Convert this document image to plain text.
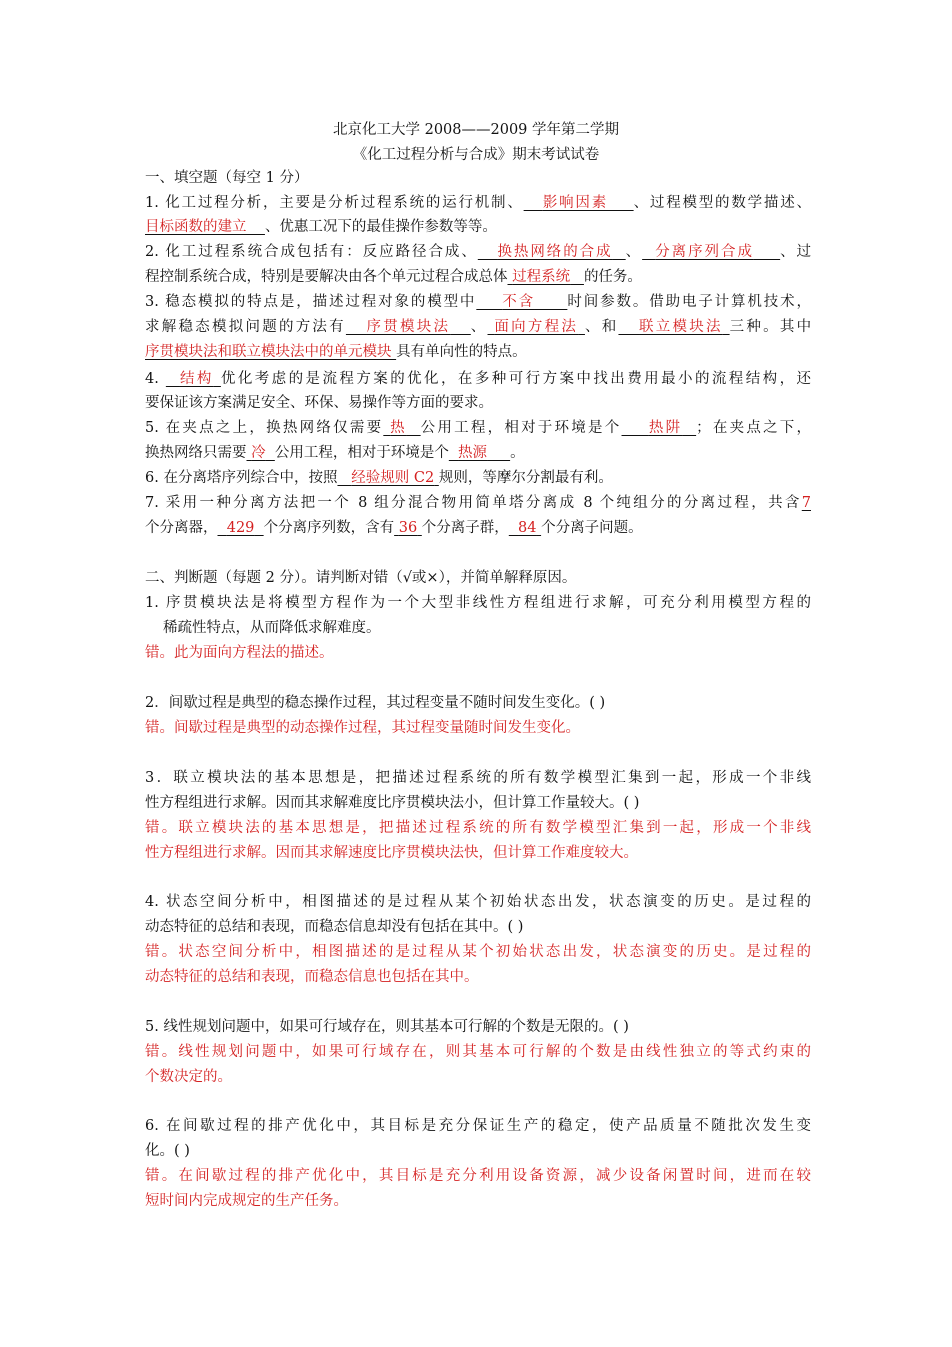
北京化工大学 2008——2009 学年第二学期
《化工过程分析与合成》期末考试试卷
一、填空题（每空 1 分）
1. 化工过程分析，主要是分析过程系统的运行机制、 影响因素 、过程模型的数学描述、
目标函数的建立 、优惠工况下的最佳操作参数等等。
2. 化工过程系统合成包括有：反应路径合成、 换热网络的合成 、 分离序列合成 、过
程控制系统合成，特别是要解决由各个单元过程合成总体 过程系统 的任务。
3. 稳态模拟的特点是，描述过程对象的模型中 不含 时间参数。借助电子计算机技术，
求解稳态模拟问题的方法有 序贯模块法 、 面向方程法 、和 联立模块法 三种。其中
序贯模块法和联立模块法中的单元模块 具有单向性的特点。
4.   结构 优化考虑的是流程方案的优化，在多种可行方案中找出费用最小的流程结构，还
要保证该方案满足安全、环保、易操作等方面的要求。
5. 在夹点之上，换热网络仅需要 热 公用工程，相对于环境是个 热阱 ；在夹点之下，
换热网络只需要 冷 公用工程，相对于环境是个 热源 。
6. 在分离塔序列综合中，按照 经验规则 C2 规则，等摩尔分割最有利。
7. 采用一种分离方法把一个 8 组分混合物用简单塔分离成 8 个纯组分的分离过程，共含7
个分离器， 429 个分离序列数，含有 36 个分离子群， 84 个分离子问题。
二、判断题（每题 2 分）。请判断对错（√或×），并简单解释原因。
1. 序贯模块法是将模型方程作为一个大型非线性方程组进行求解，可充分利用模型方程的
稀疏性特点，从而降低求解难度。
错。此为面向方程法的描述。
2．间歇过程是典型的稳态操作过程，其过程变量不随时间发生变化。( )
错。间歇过程是典型的动态操作过程，其过程变量随时间发生变化。
3．联立模块法的基本思想是，把描述过程系统的所有数学模型汇集到一起，形成一个非线
性方程组进行求解。因而其求解难度比序贯模块法小，但计算工作量较大。( )
错。联立模块法的基本思想是，把描述过程系统的所有数学模型汇集到一起，形成一个非线
性方程组进行求解。因而其求解速度比序贯模块法快，但计算工作难度较大。
4. 状态空间分析中，相图描述的是过程从某个初始状态出发，状态演变的历史。是过程的
动态特征的总结和表现，而稳态信息却没有包括在其中。( )
错。状态空间分析中，相图描述的是过程从某个初始状态出发，状态演变的历史。是过程的
动态特征的总结和表现，而稳态信息也包括在其中。
5. 线性规划问题中，如果可行域存在，则其基本可行解的个数是无限的。( )
错。线性规划问题中，如果可行域存在，则其基本可行解的个数是由线性独立的等式约束的
个数决定的。
6. 在间歇过程的排产优化中，其目标是充分保证生产的稳定，使产品质量不随批次发生变
化。( )
错。在间歇过程的排产优化中，其目标是充分利用设备资源，减少设备闲置时间，进而在较
短时间内完成规定的生产任务。
